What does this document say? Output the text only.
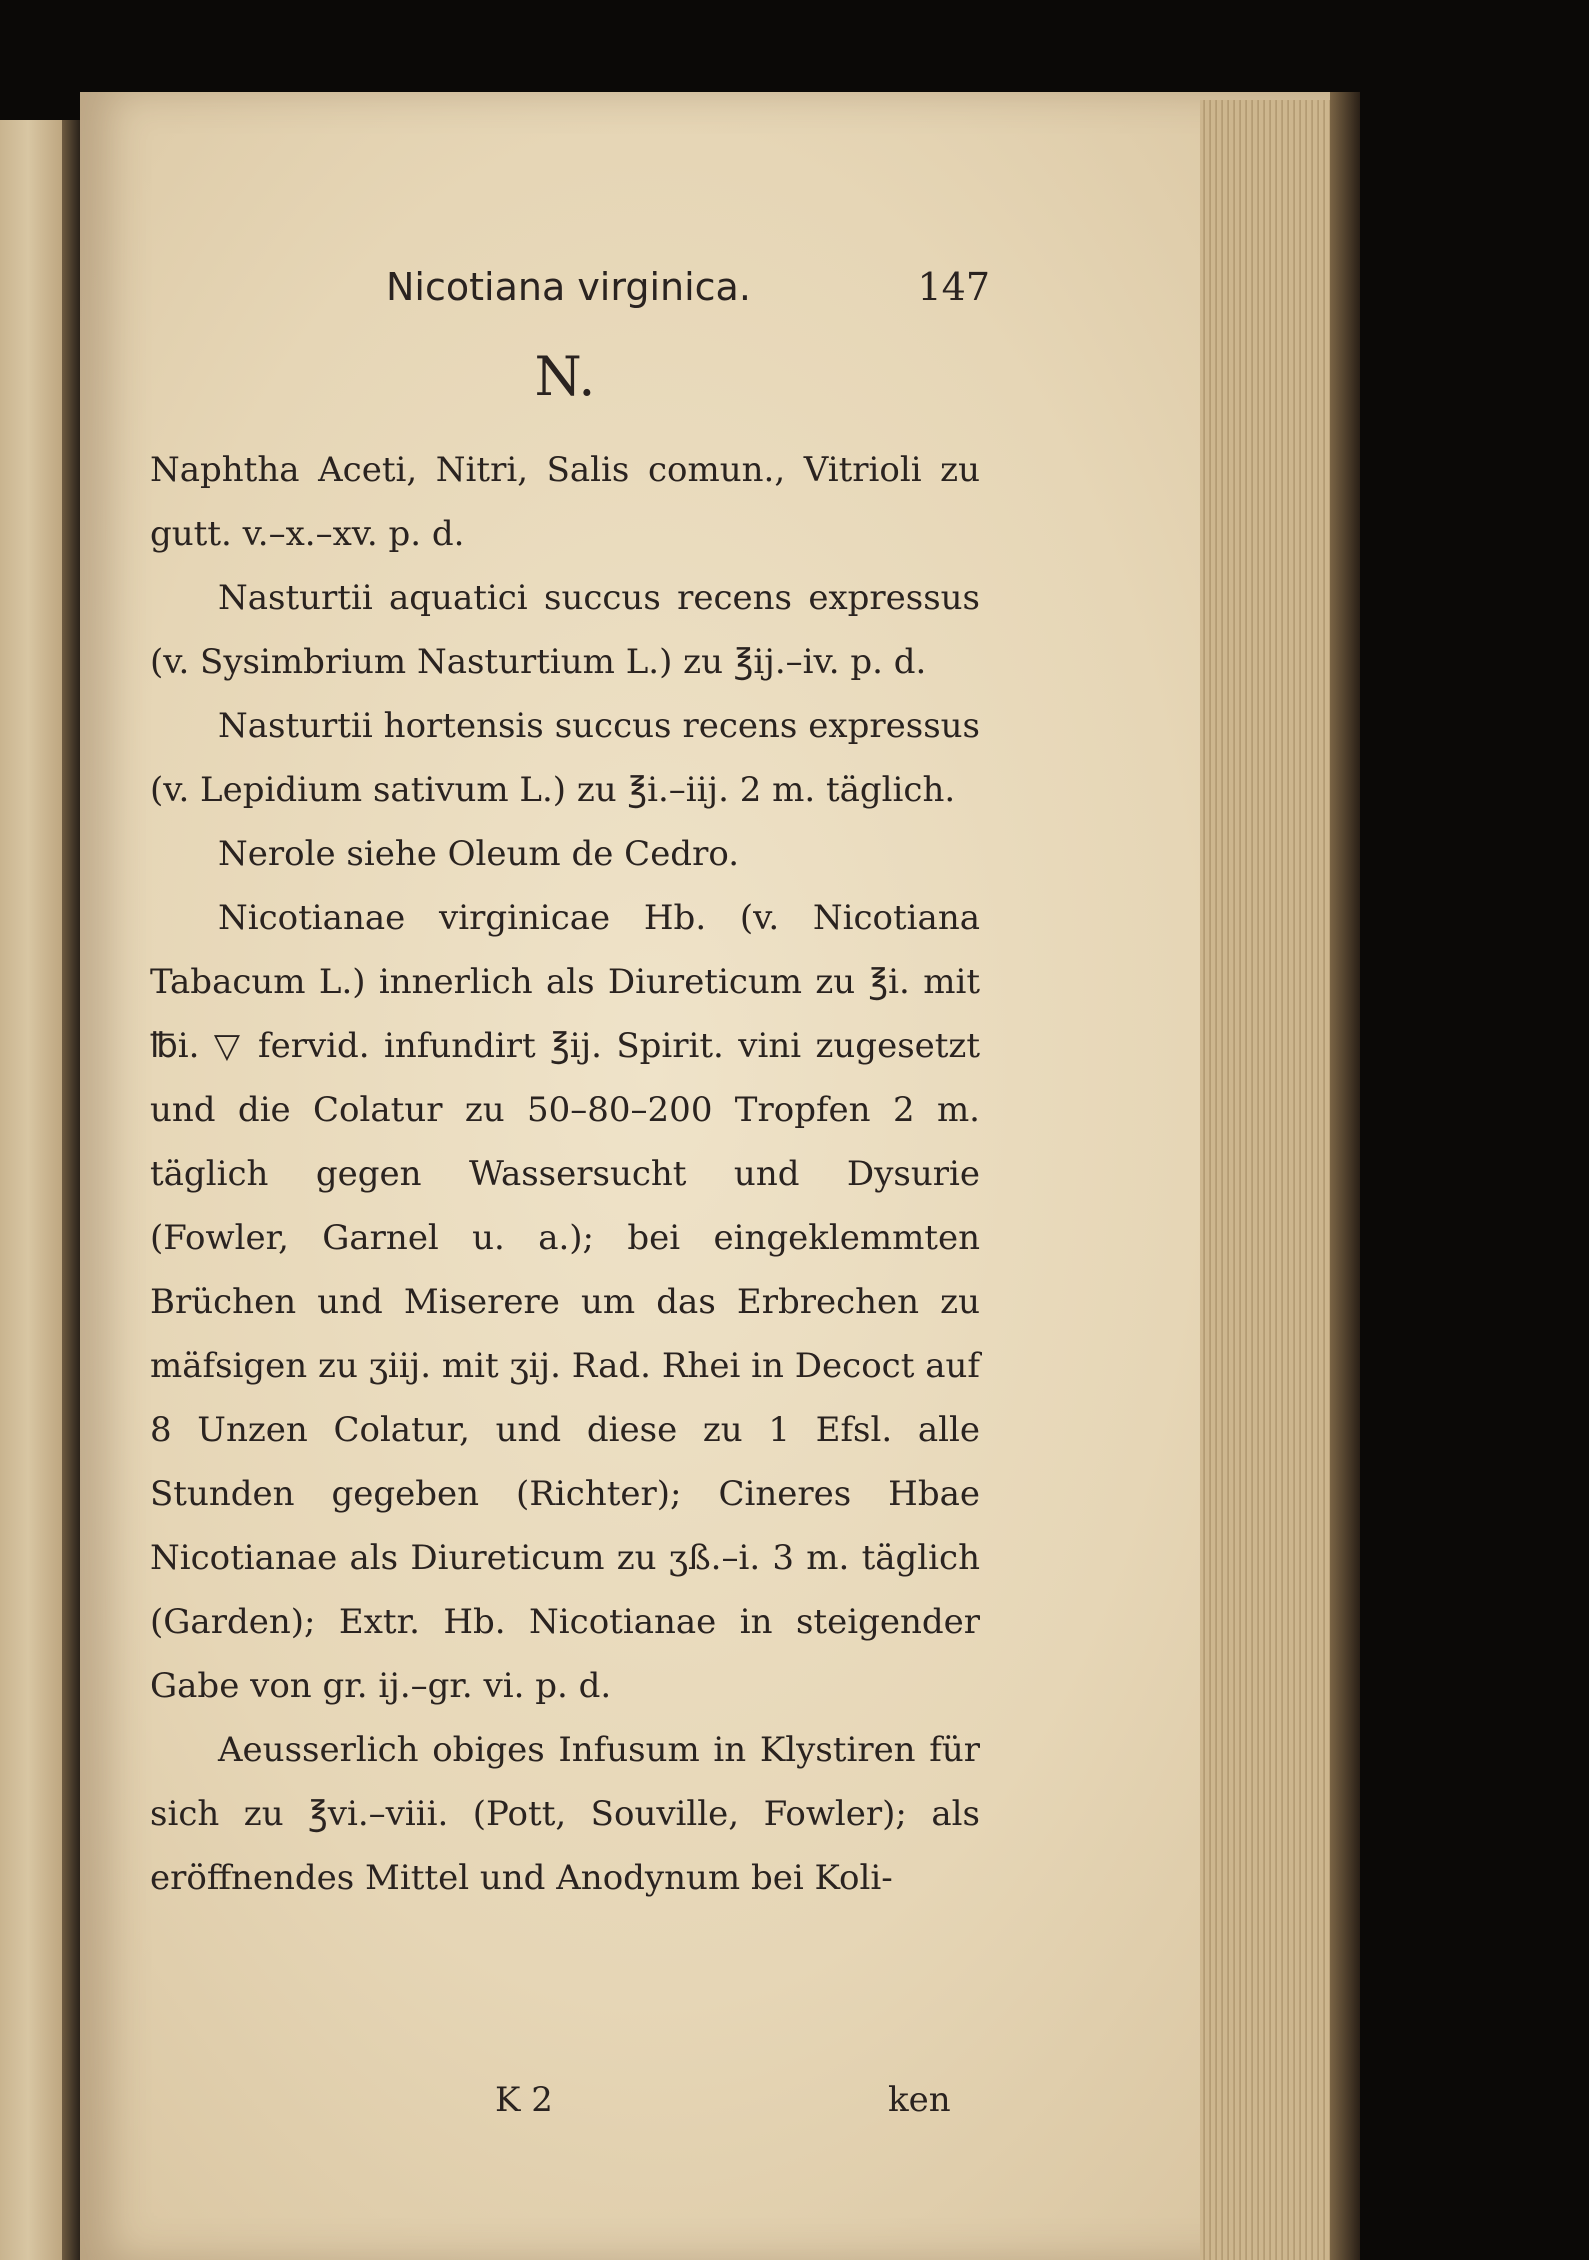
Nicotiana virginica.	147
N.

Naphtha Aceti, Nitri, Salis comun., Vitrioli zu gutt. v.–x.–xv. p. d.

Nasturtii aquatici succus recens expressus (v. Sysimbrium Nasturtium L.) zu ℥ij.–iv. p. d.

Nasturtii hortensis succus recens expressus (v. Lepidium sativum L.) zu ℥i.–iij. 2 m. täglich.

Nerole siehe Oleum de Cedro.

Nicotianae virginicae Hb. (v. Nicotiana Tabacum L.) innerlich als Diureticum zu ℥i. mit ℔i. ▽ fervid. infundirt ℥ij. Spirit. vini zugesetzt und die Colatur zu 50–80–200 Tropfen 2 m. täglich gegen Wassersucht und Dysurie (Fowler, Garnel u. a.); bei eingeklemmten Brüchen und Miserere um das Erbrechen zu mäfsigen zu ʒiij. mit ʒij. Rad. Rhei in Decoct auf 8 Unzen Colatur, und diese zu 1 Efsl. alle Stunden gegeben (Richter); Cineres Hbae Nicotianae als Diureticum zu ʒß.–i. 3 m. täglich (Garden); Extr. Hb. Nicotianae in steigender Gabe von gr. ij.–gr. vi. p. d.

Aeusserlich obiges Infusum in Klystiren für sich zu ℥vi.–viii. (Pott, Souville, Fowler); als eröffnendes Mittel und Anodynum bei Koli-

K 2	ken
